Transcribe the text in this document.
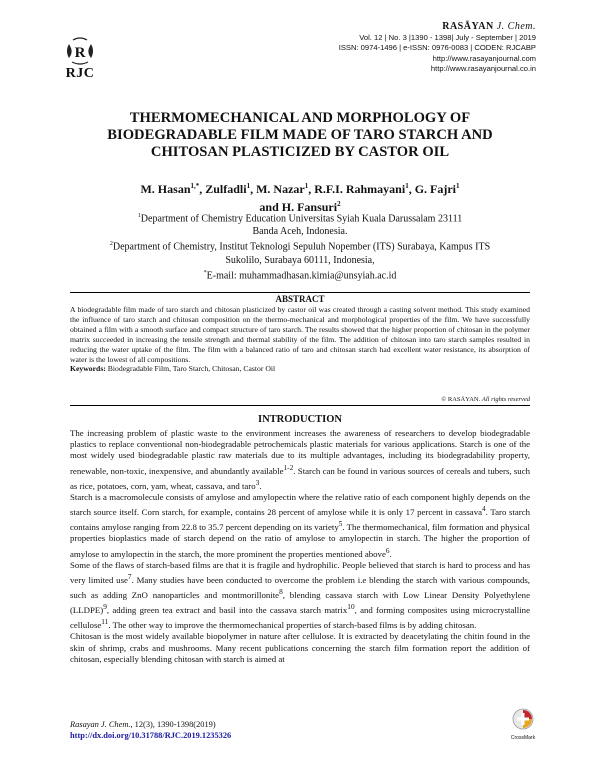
R
RJC
RASĀYAN J. Chem.
Vol. 12 | No. 3 |1390 - 1398| July - September | 2019
ISSN: 0974-1496 | e-ISSN: 0976-0083 | CODEN: RJCABP
http://www.rasayanjournal.com
http://www.rasayanjournal.co.in
THERMOMECHANICAL AND MORPHOLOGY OF
BIODEGRADABLE FILM MADE OF TARO STARCH AND
CHITOSAN PLASTICIZED BY CASTOR OIL
M. Hasan$^{1,*}$, Zulfadli$^1$, M. Nazar$^1$, R.F.I. Rahmayani$^1$, G. Fajri$^1$
and H. Fansuri$^2$
$^1$Department of Chemistry Education Universitas Syiah Kuala Darussalam 23111
Banda Aceh, Indonesia.
$^2$Department of Chemistry, Institut Teknologi Sepuluh Nopember (ITS) Surabaya, Kampus ITS
Sukolilo, Surabaya 60111, Indonesia,
*E-mail: muhammadhasan.kimia@unsyiah.ac.id
ABSTRACT

A biodegradable film made of taro starch and chitosan plasticized by castor oil was created through a casting solvent method. This study examined the influence of taro starch and chitosan composition on the thermo-mechanical and morphological properties of the film. We have successfully obtained a film with a smooth surface and compact structure of taro starch. The results showed that the higher proportion of chitosan in the polymer matrix succeeded in increasing the tensile strength and thermal stability of the film. The addition of chitosan into taro starch samples resulted in reducing the water uptake of the film. The film with a balanced ratio of taro and chitosan starch had excellent water resistance, its absorption of water is the lowest of all compositions.

Keywords: Biodegradable Film, Taro Starch, Chitosan, Castor Oil

© RASĀYAN. All rights reserved
INTRODUCTION

The increasing problem of plastic waste to the environment increases the awareness of researchers to develop biodegradable plastics to replace conventional non-biodegradable petrochemicals plastic materials for various applications. Starch is one of the most widely used biodegradable plastic raw materials due to its multiple advantages, including its biodegradability property, renewable, non-toxic, inexpensive, and abundantly available$^{1-2}$. Starch can be found in various sources of cereals and tubers, such as rice, potatoes, corn, yam, wheat, cassava, and taro$^3$.

Starch is a macromolecule consists of amylose and amylopectin where the relative ratio of each component highly depends on the starch source itself. Corn starch, for example, contains 28 percent of amylose while it is only 17 percent in cassava$^4$. Taro starch contains amylose ranging from 22.8 to 35.7 percent depending on its variety$^5$. The thermomechanical, film formation and physical properties bioplastics made of starch depend on the ratio of amylose to amylopectin in starch. The higher the proportion of amylose to amylopectin in the starch, the more prominent the properties mentioned above$^6$.

Some of the flaws of starch-based films are that it is fragile and hydrophilic. People believed that starch is hard to process and has very limited use$^7$. Many studies have been conducted to overcome the problem i.e blending the starch with various compounds, such as adding ZnO nanoparticles and montmorillonite$^8$, blending cassava starch with Low Linear Density Polyethylene (LLDPE)$^9$, adding green tea extract and basil into the cassava starch matrix$^{10}$, and forming composites using microcrystalline cellulose$^{11}$. The other way to improve the thermomechanical properties of starch-based films is by adding chitosan.

Chitosan is the most widely available biopolymer in nature after cellulose. It is extracted by deacetylating the chitin found in the skin of shrimp, crabs and mushrooms. Many recent publications concerning the starch film formation report the addition of chitosan, especially blending chitosan with starch is aimed at

Rasayan J. Chem., 12(3), 1390-1398(2019)
http://dx.doi.org/10.31788/RJC.2019.1235326	CrossMark
